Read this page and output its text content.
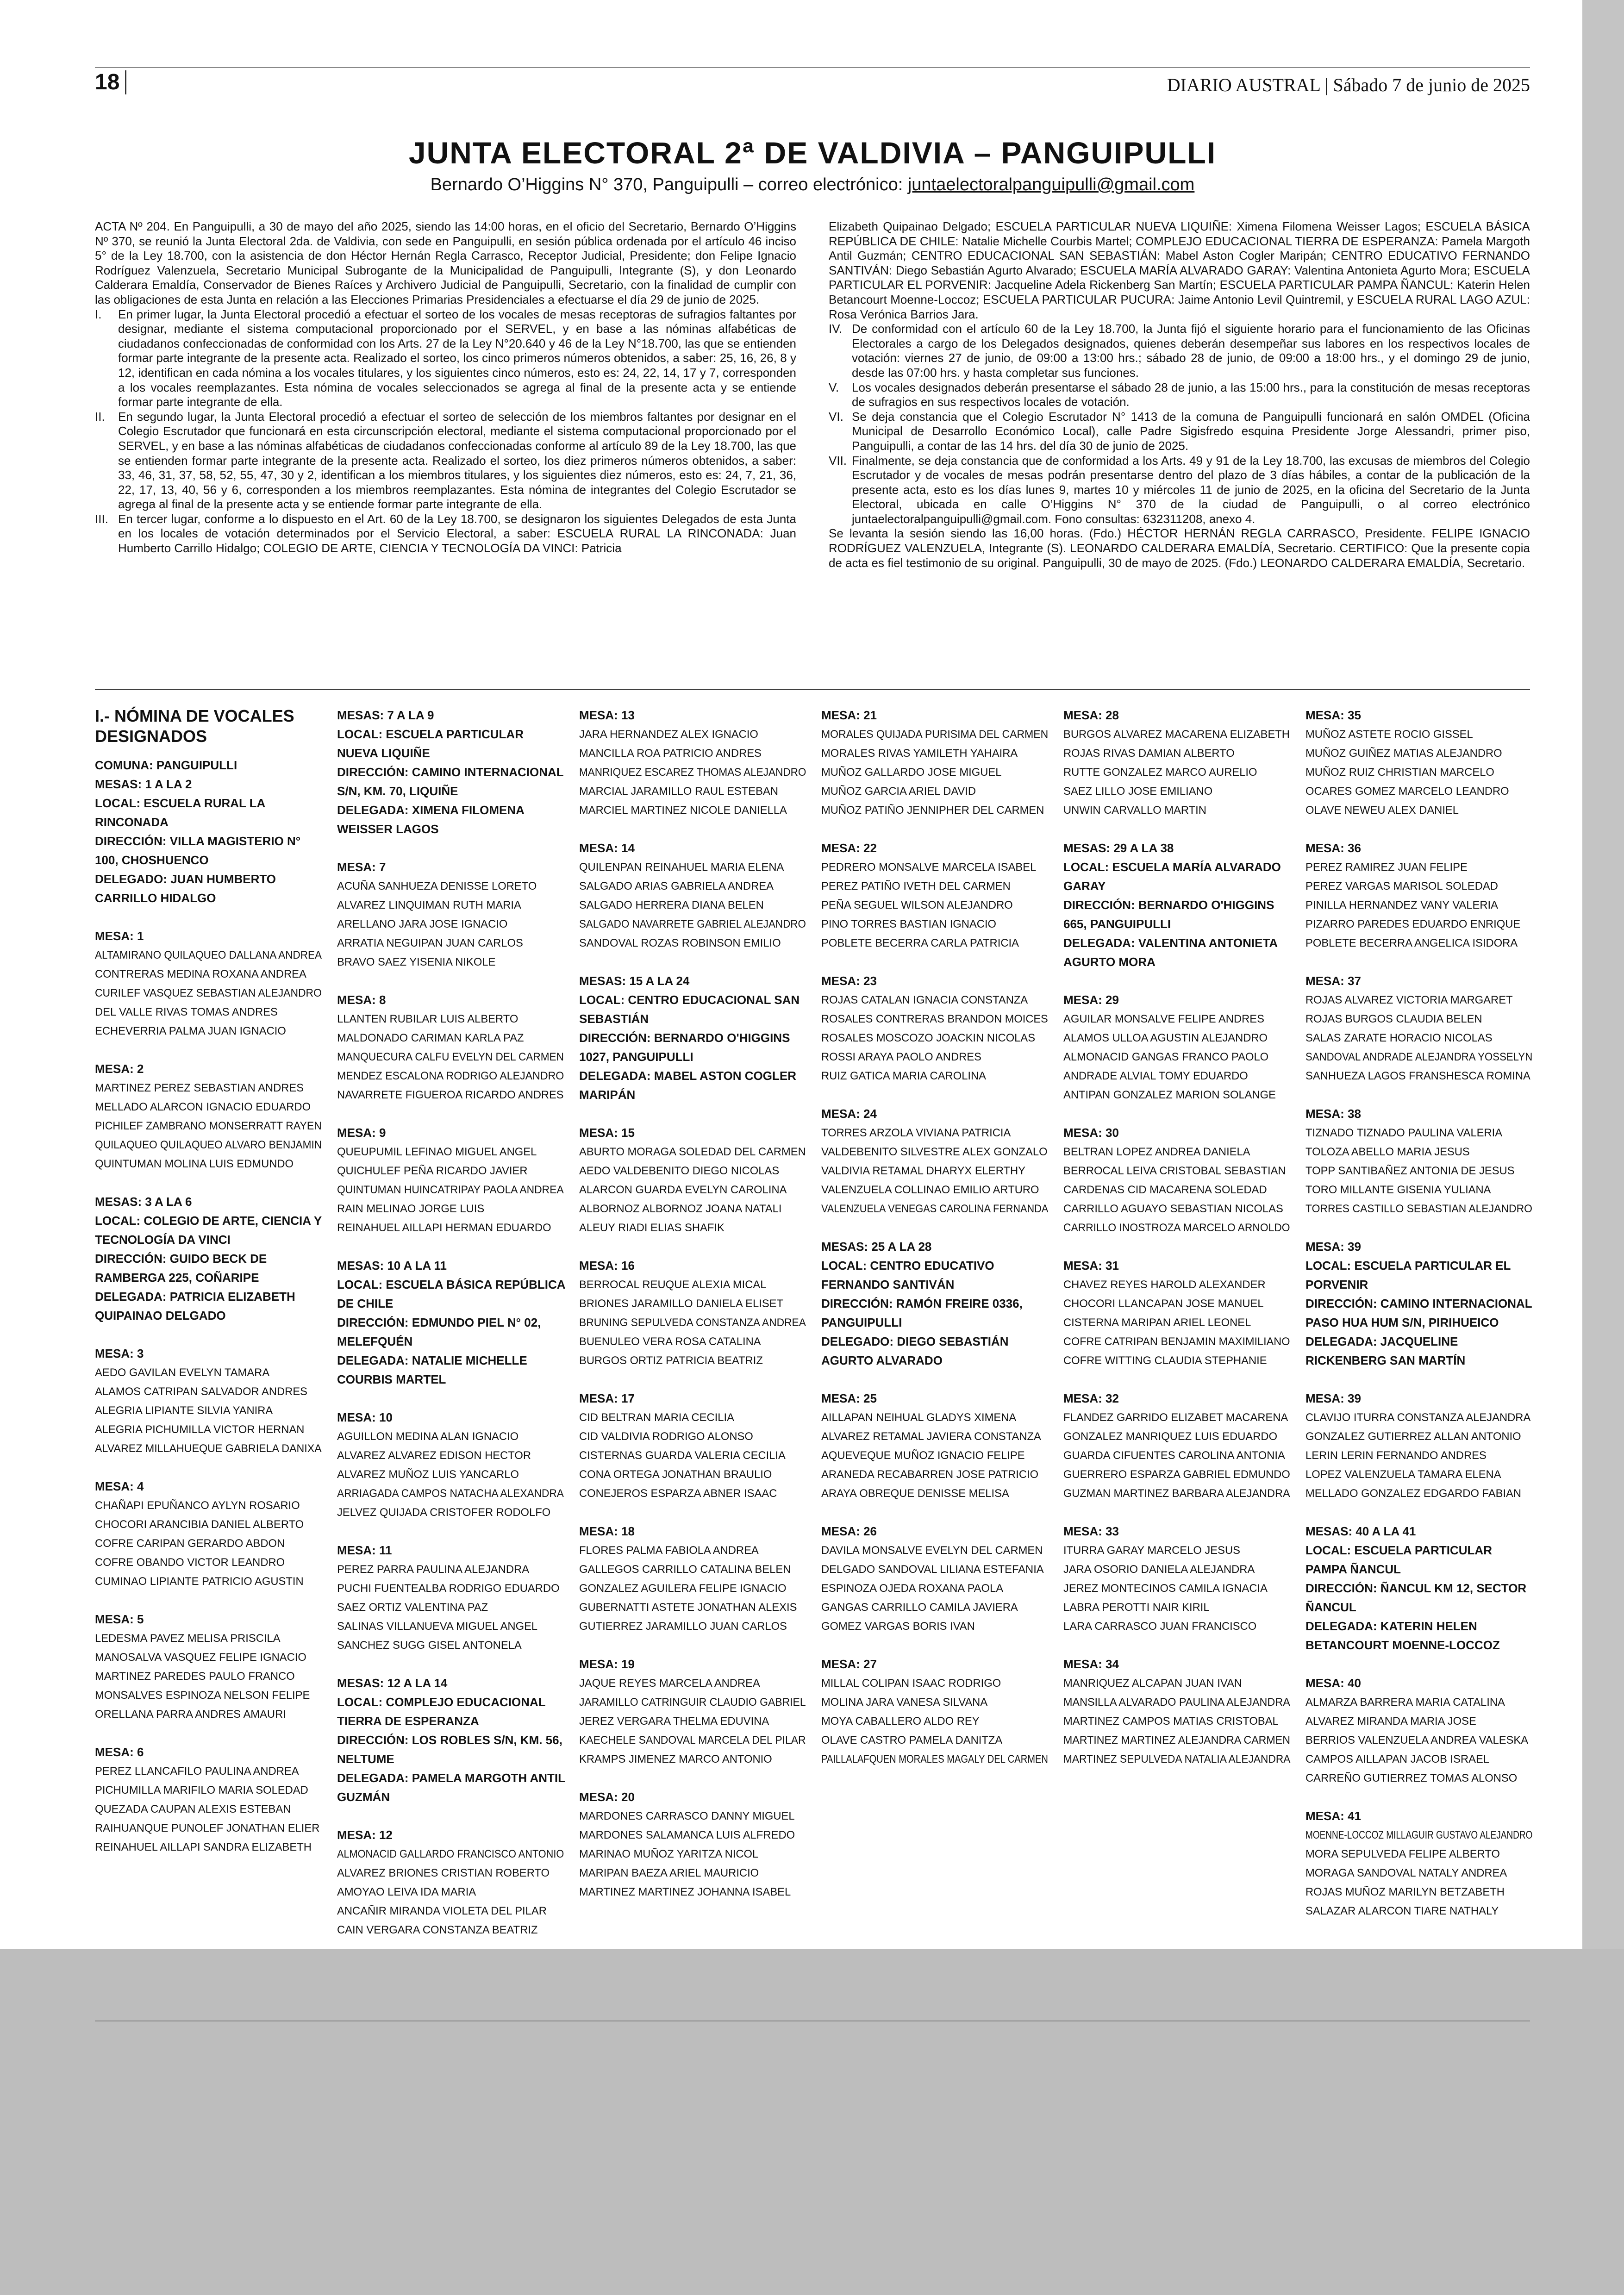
18	DIARIO AUSTRAL | Sábado 7 de junio de 2025
JUNTA ELECTORAL 2ª DE VALDIVIA – PANGUIPULLI
Bernardo O’Higgins N° 370, Panguipulli – correo electrónico: juntaelectoralpanguipulli@gmail.com
ACTA Nº 204. En Panguipulli, a 30 de mayo del año 2025, siendo las 14:00 horas, en el oficio del Secretario, Bernardo O’Higgins Nº 370, se reunió la Junta Electoral 2da. de Valdivia, con sede en Panguipulli, en sesión pública ordenada por el artículo 46 inciso 5° de la Ley 18.700, con la asistencia de don Héctor Hernán Regla Carrasco, Receptor Judicial, Presidente; don Felipe Ignacio Rodríguez Valenzuela, Secretario Municipal Subrogante de la Municipalidad de Panguipulli, Integrante (S), y don Leonardo Calderara Emaldía, Conservador de Bienes Raíces y Archivero Judicial de Panguipulli, Secretario, con la finalidad de cumplir con las obligaciones de esta Junta en relación a las Elecciones Primarias Presidenciales a efectuarse el día 29 de junio de 2025.
I.	En primer lugar, la Junta Electoral procedió a efectuar el sorteo de los vocales de mesas receptoras de sufragios faltantes por designar, mediante el sistema computacional proporcionado por el SERVEL, y en base a las nóminas alfabéticas de ciudadanos confeccionadas de conformidad con los Arts. 27 de la Ley N°20.640 y 46 de la Ley N°18.700, las que se entienden formar parte integrante de la presente acta. Realizado el sorteo, los cinco primeros números obtenidos, a saber: 25, 16, 26, 8 y 12, identifican en cada nómina a los vocales titulares, y los siguientes cinco números, esto es: 24, 22, 14, 17 y 7, corresponden a los vocales reemplazantes. Esta nómina de vocales seleccionados se agrega al final de la presente acta y se entiende formar parte integrante de ella.
II.	En segundo lugar, la Junta Electoral procedió a efectuar el sorteo de selección de los miembros faltantes por designar en el Colegio Escrutador que funcionará en esta circunscripción electoral, mediante el sistema computacional proporcionado por el SERVEL, y en base a las nóminas alfabéticas de ciudadanos confeccionadas conforme al artículo 89 de la Ley 18.700, las que se entienden formar parte integrante de la presente acta. Realizado el sorteo, los diez primeros números obtenidos, a saber: 33, 46, 31, 37, 58, 52, 55, 47, 30 y 2, identifican a los miembros titulares, y los siguientes diez números, esto es: 24, 7, 21, 36, 22, 17, 13, 40, 56 y 6, corresponden a los miembros reemplazantes. Esta nómina de integrantes del Colegio Escrutador se agrega al final de la presente acta y se entiende formar parte integrante de ella.
III. En tercer lugar, conforme a lo dispuesto en el Art. 60 de la Ley 18.700, se designaron los siguientes Delegados de esta Junta en los locales de votación determinados por el Servicio Electoral, a saber: ESCUELA RURAL LA RINCONADA: Juan Humberto Carrillo Hidalgo; COLEGIO DE ARTE, CIENCIA Y TECNOLOGÍA DA VINCI: Patricia
Elizabeth Quipainao Delgado; ESCUELA PARTICULAR NUEVA LIQUIÑE: Ximena Filomena Weisser Lagos; ESCUELA BÁSICA REPÚBLICA DE CHILE: Natalie Michelle Courbis Martel; COMPLEJO EDUCACIONAL TIERRA DE ESPERANZA: Pamela Margoth Antil Guzmán; CENTRO EDUCACIONAL SAN SEBASTIÁN: Mabel Aston Cogler Maripán; CENTRO EDUCATIVO FERNANDO SANTIVÁN: Diego Sebastián Agurto Alvarado; ESCUELA MARÍA ALVARADO GARAY: Valentina Antonieta Agurto Mora; ESCUELA PARTICULAR EL PORVENIR: Jacqueline Adela Rickenberg San Martín; ESCUELA PARTICULAR PAMPA ÑANCUL: Katerin Helen Betancourt Moenne-Loccoz; ESCUELA PARTICULAR PUCURA: Jaime Antonio Levil Quintremil, y ESCUELA RURAL LAGO AZUL: Rosa Verónica Barrios Jara.
IV. De conformidad con el artículo 60 de la Ley 18.700, la Junta fijó el siguiente horario para el funcionamiento de las Oficinas Electorales a cargo de los Delegados designados, quienes deberán desempeñar sus labores en los respectivos locales de votación: viernes 27 de junio, de 09:00 a 13:00 hrs.; sábado 28 de junio, de 09:00 a 18:00 hrs., y el domingo 29 de junio, desde las 07:00 hrs. y hasta completar sus funciones.
V.	Los vocales designados deberán presentarse el sábado 28 de junio, a las 15:00 hrs., para la constitución de mesas receptoras de sufragios en sus respectivos locales de votación.
VI. Se deja constancia que el Colegio Escrutador N° 1413 de la comuna de Panguipulli funcionará en salón OMDEL (Oficina Municipal de Desarrollo Económico Local), calle Padre Sigisfredo esquina Presidente Jorge Alessandri, primer piso, Panguipulli, a contar de las 14 hrs. del día 30 de junio de 2025.
VII. Finalmente, se deja constancia que de conformidad a los Arts. 49 y 91 de la Ley 18.700, las excusas de miembros del Colegio Escrutador y de vocales de mesas podrán presentarse dentro del plazo de 3 días hábiles, a contar de la publicación de la presente acta, esto es los días lunes 9, martes 10 y miércoles 11 de junio de 2025, en la oficina del Secretario de la Junta Electoral, ubicada en calle O’Higgins N° 370 de la ciudad de Panguipulli, o al correo electrónico juntaelectoralpanguipulli@gmail.com. Fono consultas: 632311208, anexo 4.
Se levanta la sesión siendo las 16,00 horas. (Fdo.) HÉCTOR HERNÁN REGLA CARRASCO, Presidente. FELIPE IGNACIO RODRÍGUEZ VALENZUELA, Integrante (S). LEONARDO CALDERARA EMALDÍA, Secretario. CERTIFICO: Que la presente copia de acta es fiel testimonio de su original. Panguipulli, 30 de mayo de 2025. (Fdo.) LEONARDO CALDERARA EMALDÍA, Secretario.
I.- NÓMINA DE VOCALES DESIGNADOS
COMUNA: PANGUIPULLI
MESAS: 1 A LA 2
LOCAL: ESCUELA RURAL LA RINCONADA
DIRECCIÓN: VILLA MAGISTERIO N° 100, CHOSHUENCO
DELEGADO: JUAN HUMBERTO CARRILLO HIDALGO
MESA: 1
ALTAMIRANO QUILAQUEO DALLANA ANDREA
CONTRERAS MEDINA ROXANA ANDREA
CURILEF VASQUEZ SEBASTIAN ALEJANDRO
DEL VALLE RIVAS TOMAS ANDRES
ECHEVERRIA PALMA JUAN IGNACIO
MESA: 2
MARTINEZ PEREZ SEBASTIAN ANDRES
MELLADO ALARCON IGNACIO EDUARDO
PICHILEF ZAMBRANO MONSERRATT RAYEN
QUILAQUEO QUILAQUEO ALVARO BENJAMIN
QUINTUMAN MOLINA LUIS EDMUNDO
MESAS: 3 A LA 6
LOCAL: COLEGIO DE ARTE, CIENCIA Y TECNOLOGÍA DA VINCI
DIRECCIÓN: GUIDO BECK DE RAMBERGA 225, COÑARIPE
DELEGADA: PATRICIA ELIZABETH QUIPAINAO DELGADO
MESA: 3
AEDO GAVILAN EVELYN TAMARA
ALAMOS CATRIPAN SALVADOR ANDRES
ALEGRIA LIPIANTE SILVIA YANIRA
ALEGRIA PICHUMILLA VICTOR HERNAN
ALVAREZ MILLAHUEQUE GABRIELA DANIXA
MESA: 4
CHAÑAPI EPUÑANCO AYLYN ROSARIO
CHOCORI ARANCIBIA DANIEL ALBERTO
COFRE CARIPAN GERARDO ABDON
COFRE OBANDO VICTOR LEANDRO
CUMINAO LIPIANTE PATRICIO AGUSTIN
MESA: 5
LEDESMA PAVEZ MELISA PRISCILA
MANOSALVA VASQUEZ FELIPE IGNACIO
MARTINEZ PAREDES PAULO FRANCO
MONSALVES ESPINOZA NELSON FELIPE
ORELLANA PARRA ANDRES AMAURI
MESA: 6
PEREZ LLANCAFILO PAULINA ANDREA
PICHUMILLA MARIFILO MARIA SOLEDAD
QUEZADA CAUPAN ALEXIS ESTEBAN
RAIHUANQUE PUNOLEF JONATHAN ELIER
REINAHUEL AILLAPI SANDRA ELIZABETH
MESAS: 7 A LA 9
LOCAL: ESCUELA PARTICULAR NUEVA LIQUIÑE
DIRECCIÓN: CAMINO INTERNACIONAL S/N, KM. 70, LIQUIÑE
DELEGADA: XIMENA FILOMENA WEISSER LAGOS
MESA: 7
ACUÑA SANHUEZA DENISSE LORETO
ALVAREZ LINQUIMAN RUTH MARIA
ARELLANO JARA JOSE IGNACIO
ARRATIA NEGUIPAN JUAN CARLOS
BRAVO SAEZ YISENIA NIKOLE
MESA: 8
LLANTEN RUBILAR LUIS ALBERTO
MALDONADO CARIMAN KARLA PAZ
MANQUECURA CALFU EVELYN DEL CARMEN
MENDEZ ESCALONA RODRIGO ALEJANDRO
NAVARRETE FIGUEROA RICARDO ANDRES
MESA: 9
QUEUPUMIL LEFINAO MIGUEL ANGEL
QUICHULEF PEÑA RICARDO JAVIER
QUINTUMAN HUINCATRIPAY PAOLA ANDREA
RAIN MELINAO JORGE LUIS
REINAHUEL AILLAPI HERMAN EDUARDO
MESAS: 10 A LA 11
LOCAL: ESCUELA BÁSICA REPÚBLICA DE CHILE
DIRECCIÓN: EDMUNDO PIEL N° 02, MELEFQUÉN
DELEGADA: NATALIE MICHELLE COURBIS MARTEL
MESA: 10
AGUILLON MEDINA ALAN IGNACIO
ALVAREZ ALVAREZ EDISON HECTOR
ALVAREZ MUÑOZ LUIS YANCARLO
ARRIAGADA CAMPOS NATACHA ALEXANDRA
JELVEZ QUIJADA CRISTOFER RODOLFO
MESA: 11
PEREZ PARRA PAULINA ALEJANDRA
PUCHI FUENTEALBA RODRIGO EDUARDO
SAEZ ORTIZ VALENTINA PAZ
SALINAS VILLANUEVA MIGUEL ANGEL
SANCHEZ SUGG GISEL ANTONELA
MESAS: 12 A LA 14
LOCAL: COMPLEJO EDUCACIONAL TIERRA DE ESPERANZA
DIRECCIÓN: LOS ROBLES S/N, KM. 56, NELTUME
DELEGADA: PAMELA MARGOTH ANTIL GUZMÁN
MESA: 12
ALMONACID GALLARDO FRANCISCO ANTONIO
ALVAREZ BRIONES CRISTIAN ROBERTO
AMOYAO LEIVA IDA MARIA
ANCAÑIR MIRANDA VIOLETA DEL PILAR
CAIN VERGARA CONSTANZA BEATRIZ
MESA: 13
JARA HERNANDEZ ALEX IGNACIO
MANCILLA ROA PATRICIO ANDRES
MANRIQUEZ ESCAREZ THOMAS ALEJANDRO
MARCIAL JARAMILLO RAUL ESTEBAN
MARCIEL MARTINEZ NICOLE DANIELLA
MESA: 14
QUILENPAN REINAHUEL MARIA ELENA
SALGADO ARIAS GABRIELA ANDREA
SALGADO HERRERA DIANA BELEN
SALGADO NAVARRETE GABRIEL ALEJANDRO
SANDOVAL ROZAS ROBINSON EMILIO
MESAS: 15 A LA 24
LOCAL: CENTRO EDUCACIONAL SAN SEBASTIÁN
DIRECCIÓN: BERNARDO O'HIGGINS 1027, PANGUIPULLI
DELEGADA: MABEL ASTON COGLER MARIPÁN
MESA: 15
ABURTO MORAGA SOLEDAD DEL CARMEN
AEDO VALDEBENITO DIEGO NICOLAS
ALARCON GUARDA EVELYN CAROLINA
ALBORNOZ ALBORNOZ JOANA NATALI
ALEUY RIADI ELIAS SHAFIK
MESA: 16
BERROCAL REUQUE ALEXIA MICAL
BRIONES JARAMILLO DANIELA ELISET
BRUNING SEPULVEDA CONSTANZA ANDREA
BUENULEO VERA ROSA CATALINA
BURGOS ORTIZ PATRICIA BEATRIZ
MESA: 17
CID BELTRAN MARIA CECILIA
CID VALDIVIA RODRIGO ALONSO
CISTERNAS GUARDA VALERIA CECILIA
CONA ORTEGA JONATHAN BRAULIO
CONEJEROS ESPARZA ABNER ISAAC
MESA: 18
FLORES PALMA FABIOLA ANDREA
GALLEGOS CARRILLO CATALINA BELEN
GONZALEZ AGUILERA FELIPE IGNACIO
GUBERNATTI ASTETE JONATHAN ALEXIS
GUTIERREZ JARAMILLO JUAN CARLOS
MESA: 19
JAQUE REYES MARCELA ANDREA
JARAMILLO CATRINGUIR CLAUDIO GABRIEL
JEREZ VERGARA THELMA EDUVINA
KAECHELE SANDOVAL MARCELA DEL PILAR
KRAMPS JIMENEZ MARCO ANTONIO
MESA: 20
MARDONES CARRASCO DANNY MIGUEL
MARDONES SALAMANCA LUIS ALFREDO
MARINAO MUÑOZ YARITZA NICOL
MARIPAN BAEZA ARIEL MAURICIO
MARTINEZ MARTINEZ JOHANNA ISABEL
MESA: 21
MORALES QUIJADA PURISIMA DEL CARMEN
MORALES RIVAS YAMILETH YAHAIRA
MUÑOZ GALLARDO JOSE MIGUEL
MUÑOZ GARCIA ARIEL DAVID
MUÑOZ PATIÑO JENNIPHER DEL CARMEN
MESA: 22
PEDRERO MONSALVE MARCELA ISABEL
PEREZ PATIÑO IVETH DEL CARMEN
PEÑA SEGUEL WILSON ALEJANDRO
PINO TORRES BASTIAN IGNACIO
POBLETE BECERRA CARLA PATRICIA
MESA: 23
ROJAS CATALAN IGNACIA CONSTANZA
ROSALES CONTRERAS BRANDON MOICES
ROSALES MOSCOZO JOACKIN NICOLAS
ROSSI ARAYA PAOLO ANDRES
RUIZ GATICA MARIA CAROLINA
MESA: 24
TORRES ARZOLA VIVIANA PATRICIA
VALDEBENITO SILVESTRE ALEX GONZALO
VALDIVIA RETAMAL DHARYX ELERTHY
VALENZUELA COLLINAO EMILIO ARTURO
VALENZUELA VENEGAS CAROLINA FERNANDA
MESAS: 25 A LA 28
LOCAL: CENTRO EDUCATIVO FERNANDO SANTIVÁN
DIRECCIÓN: RAMÓN FREIRE 0336, PANGUIPULLI
DELEGADO: DIEGO SEBASTIÁN AGURTO ALVARADO
MESA: 25
AILLAPAN NEIHUAL GLADYS XIMENA
ALVAREZ RETAMAL JAVIERA CONSTANZA
AQUEVEQUE MUÑOZ IGNACIO FELIPE
ARANEDA RECABARREN JOSE PATRICIO
ARAYA OBREQUE DENISSE MELISA
MESA: 26
DAVILA MONSALVE EVELYN DEL CARMEN
DELGADO SANDOVAL LILIANA ESTEFANIA
ESPINOZA OJEDA ROXANA PAOLA
GANGAS CARRILLO CAMILA JAVIERA
GOMEZ VARGAS BORIS IVAN
MESA: 27
MILLAL COLIPAN ISAAC RODRIGO
MOLINA JARA VANESA SILVANA
MOYA CABALLERO ALDO REY
OLAVE CASTRO PAMELA DANITZA
PAILLALAFQUEN MORALES MAGALY DEL CARMEN
MESA: 28
BURGOS ALVAREZ MACARENA ELIZABETH
ROJAS RIVAS DAMIAN ALBERTO
RUTTE GONZALEZ MARCO AURELIO
SAEZ LILLO JOSE EMILIANO
UNWIN CARVALLO MARTIN
MESAS: 29 A LA 38
LOCAL: ESCUELA MARÍA ALVARADO GARAY
DIRECCIÓN: BERNARDO O'HIGGINS 665, PANGUIPULLI
DELEGADA: VALENTINA ANTONIETA AGURTO MORA
MESA: 29
AGUILAR MONSALVE FELIPE ANDRES
ALAMOS ULLOA AGUSTIN ALEJANDRO
ALMONACID GANGAS FRANCO PAOLO
ANDRADE ALVIAL TOMY EDUARDO
ANTIPAN GONZALEZ MARION SOLANGE
MESA: 30
BELTRAN LOPEZ ANDREA DANIELA
BERROCAL LEIVA CRISTOBAL SEBASTIAN
CARDENAS CID MACARENA SOLEDAD
CARRILLO AGUAYO SEBASTIAN NICOLAS
CARRILLO INOSTROZA MARCELO ARNOLDO
MESA: 31
CHAVEZ REYES HAROLD ALEXANDER
CHOCORI LLANCAPAN JOSE MANUEL
CISTERNA MARIPAN ARIEL LEONEL
COFRE CATRIPAN BENJAMIN MAXIMILIANO
COFRE WITTING CLAUDIA STEPHANIE
MESA: 32
FLANDEZ GARRIDO ELIZABET MACARENA
GONZALEZ MANRIQUEZ LUIS EDUARDO
GUARDA CIFUENTES CAROLINA ANTONIA
GUERRERO ESPARZA GABRIEL EDMUNDO
GUZMAN MARTINEZ BARBARA ALEJANDRA
MESA: 33
ITURRA GARAY MARCELO JESUS
JARA OSORIO DANIELA ALEJANDRA
JEREZ MONTECINOS CAMILA IGNACIA
LABRA PEROTTI NAIR KIRIL
LARA CARRASCO JUAN FRANCISCO
MESA: 34
MANRIQUEZ ALCAPAN JUAN IVAN
MANSILLA ALVARADO PAULINA ALEJANDRA
MARTINEZ CAMPOS MATIAS CRISTOBAL
MARTINEZ MARTINEZ ALEJANDRA CARMEN
MARTINEZ SEPULVEDA NATALIA ALEJANDRA
MESA: 35
MUÑOZ ASTETE ROCIO GISSEL
MUÑOZ GUIÑEZ MATIAS ALEJANDRO
MUÑOZ RUIZ CHRISTIAN MARCELO
OCARES GOMEZ MARCELO LEANDRO
OLAVE NEWEU ALEX DANIEL
MESA: 36
PEREZ RAMIREZ JUAN FELIPE
PEREZ VARGAS MARISOL SOLEDAD
PINILLA HERNANDEZ VANY VALERIA
PIZARRO PAREDES EDUARDO ENRIQUE
POBLETE BECERRA ANGELICA ISIDORA
MESA: 37
ROJAS ALVAREZ VICTORIA MARGARET
ROJAS BURGOS CLAUDIA BELEN
SALAS ZARATE HORACIO NICOLAS
SANDOVAL ANDRADE ALEJANDRA YOSSELYN
SANHUEZA LAGOS FRANSHESCA ROMINA
MESA: 38
TIZNADO TIZNADO PAULINA VALERIA
TOLOZA ABELLO MARIA JESUS
TOPP SANTIBAÑEZ ANTONIA DE JESUS
TORO MILLANTE GISENIA YULIANA
TORRES CASTILLO SEBASTIAN ALEJANDRO
MESA: 39
LOCAL: ESCUELA PARTICULAR EL PORVENIR
DIRECCIÓN: CAMINO INTERNACIONAL PASO HUA HUM S/N, PIRIHUEICO
DELEGADA: JACQUELINE RICKENBERG SAN MARTÍN
MESA: 39
CLAVIJO ITURRA CONSTANZA ALEJANDRA
GONZALEZ GUTIERREZ ALLAN ANTONIO
LERIN LERIN FERNANDO ANDRES
LOPEZ VALENZUELA TAMARA ELENA
MELLADO GONZALEZ EDGARDO FABIAN
MESAS: 40 A LA 41
LOCAL: ESCUELA PARTICULAR PAMPA ÑANCUL
DIRECCIÓN: ÑANCUL KM 12, SECTOR ÑANCUL
DELEGADA: KATERIN HELEN BETANCOURT MOENNE-LOCCOZ
MESA: 40
ALMARZA BARRERA MARIA CATALINA
ALVAREZ MIRANDA MARIA JOSE
BERRIOS VALENZUELA ANDREA VALESKA
CAMPOS AILLAPAN JACOB ISRAEL
CARREÑO GUTIERREZ TOMAS ALONSO
MESA: 41
MOENNE-LOCCOZ MILLAGUIR GUSTAVO ALEJANDRO
MORA SEPULVEDA FELIPE ALBERTO
MORAGA SANDOVAL NATALY ANDREA
ROJAS MUÑOZ MARILYN BETZABETH
SALAZAR ALARCON TIARE NATHALY
